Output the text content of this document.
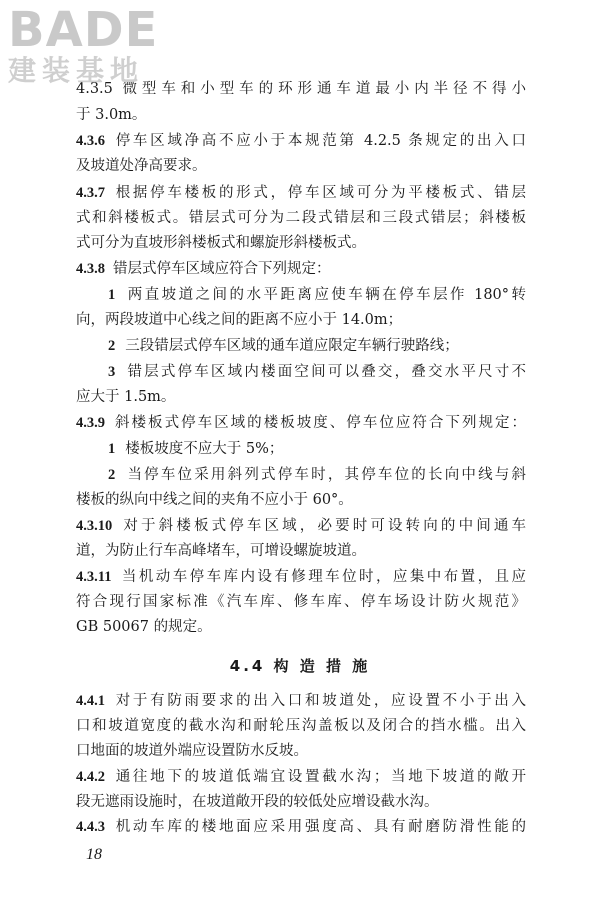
BADE
建装基地
4.3.5 微型车和小型车的环形通车道最小内半径不得小
于 3.0m。
4.3.6 停车区域净高不应小于本规范第 4.2.5 条规定的出入口
及坡道处净高要求。
4.3.7 根据停车楼板的形式，停车区域可分为平楼板式、错层
式和斜楼板式。错层式可分为二段式错层和三段式错层；斜楼板
式可分为直坡形斜楼板式和螺旋形斜楼板式。
4.3.8 错层式停车区域应符合下列规定：
1 两直坡道之间的水平距离应使车辆在停车层作 180°转
向，两段坡道中心线之间的距离不应小于 14.0m；
2 三段错层式停车区域的通车道应限定车辆行驶路线；
3 错层式停车区域内楼面空间可以叠交，叠交水平尺寸不
应大于 1.5m。
4.3.9 斜楼板式停车区域的楼板坡度、停车位应符合下列规定：
1 楼板坡度不应大于 5%；
2 当停车位采用斜列式停车时，其停车位的长向中线与斜
楼板的纵向中线之间的夹角不应小于 60°。
4.3.10 对于斜楼板式停车区域，必要时可设转向的中间通车
道，为防止行车高峰堵车，可增设螺旋坡道。
4.3.11 当机动车停车库内设有修理车位时，应集中布置，且应
符合现行国家标准《汽车库、修车库、停车场设计防火规范》
GB 50067 的规定。
4.4 构 造 措 施
4.4.1 对于有防雨要求的出入口和坡道处，应设置不小于出入
口和坡道宽度的截水沟和耐轮压沟盖板以及闭合的挡水槛。出入
口地面的坡道外端应设置防水反坡。
4.4.2 通往地下的坡道低端宜设置截水沟；当地下坡道的敞开
段无遮雨设施时，在坡道敞开段的较低处应增设截水沟。
4.4.3 机动车库的楼地面应采用强度高、具有耐磨防滑性能的
18
